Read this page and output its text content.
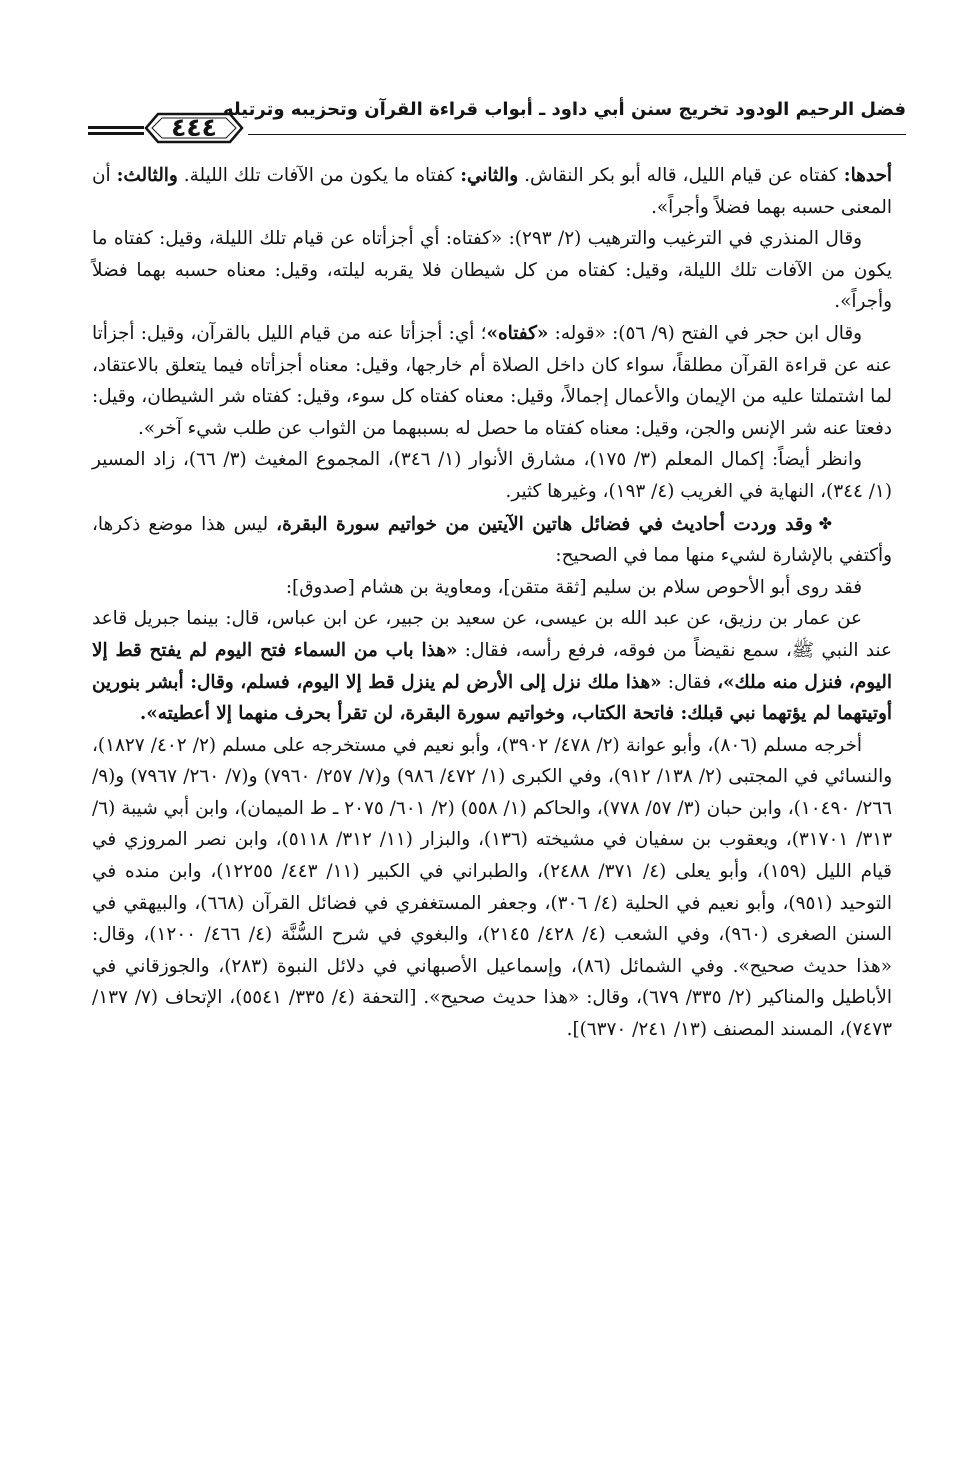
٤٤٤
فضل الرحيم الودود تخريج سنن أبي داود ـ أبواب قراءة القرآن وتحزيبه وترتيله

أحدها: كفتاه عن قيام الليل، قاله أبو بكر النقاش. والثاني: كفتاه ما يكون من الآفات تلك الليلة. والثالث: أن المعنى حسبه بهما فضلاً وأجراً».

وقال المنذري في الترغيب والترهيب (٢/ ٢٩٣): «كفتاه: أي أجزأتاه عن قيام تلك الليلة، وقيل: كفتاه ما يكون من الآفات تلك الليلة، وقيل: كفتاه من كل شيطان فلا يقربه ليلته، وقيل: معناه حسبه بهما فضلاً وأجراً».

وقال ابن حجر في الفتح (٩/ ٥٦): «قوله: «كفتاه»؛ أي: أجزأتا عنه من قيام الليل بالقرآن، وقيل: أجزأتا عنه عن قراءة القرآن مطلقاً، سواء كان داخل الصلاة أم خارجها، وقيل: معناه أجزأتاه فيما يتعلق بالاعتقاد، لما اشتملتا عليه من الإيمان والأعمال إجمالاً، وقيل: معناه كفتاه كل سوء، وقيل: كفتاه شر الشيطان، وقيل: دفعتا عنه شر الإنس والجن، وقيل: معناه كفتاه ما حصل له بسببهما من الثواب عن طلب شيء آخر».

وانظر أيضاً: إكمال المعلم (٣/ ١٧٥)، مشارق الأنوار (١/ ٣٤٦)، المجموع المغيث (٣/ ٦٦)، زاد المسير (١/ ٣٤٤)، النهاية في الغريب (٤/ ١٩٣)، وغيرها كثير.

✤وقد وردت أحاديث في فضائل هاتين الآيتين من خواتيم سورة البقرة، ليس هذا موضع ذكرها، وأكتفي بالإشارة لشيء منها مما في الصحيح:

فقد روى أبو الأحوص سلام بن سليم [ثقة متقن]، ومعاوية بن هشام [صدوق]:

عن عمار بن رزيق، عن عبد الله بن عيسى، عن سعيد بن جبير، عن ابن عباس، قال: بينما جبريل قاعد عند النبي ﷺ، سمع نقيضاً من فوقه، فرفع رأسه، فقال: «هذا باب من السماء فتح اليوم لم يفتح قط إلا اليوم، فنزل منه ملك»، فقال: «هذا ملك نزل إلى الأرض لم ينزل قط إلا اليوم، فسلم، وقال: أبشر بنورين أوتيتهما لم يؤتهما نبي قبلك: فاتحة الكتاب، وخواتيم سورة البقرة، لن تقرأ بحرف منهما إلا أعطيته».

أخرجه مسلم (٨٠٦)، وأبو عوانة (٢/ ٤٧٨/ ٣٩٠٢)، وأبو نعيم في مستخرجه على مسلم (٢/ ٤٠٢/ ١٨٢٧)، والنسائي في المجتبى (٢/ ١٣٨/ ٩١٢)، وفي الكبرى (١/ ٤٧٢/ ٩٨٦) و(٧/ ٢٥٧/ ٧٩٦٠) و(٧/ ٢٦٠/ ٧٩٦٧) و(٩/ ٢٦٦/ ١٠٤٩٠)، وابن حبان (٣/ ٥٧/ ٧٧٨)، والحاكم (١/ ٥٥٨) (٢/ ٦٠١/ ٢٠٧٥ ـ ط الميمان)، وابن أبي شيبة (٦/ ٣١٣/ ٣١٧٠١)، ويعقوب بن سفيان في مشيخته (١٣٦)، والبزار (١١/ ٣١٢/ ٥١١٨)، وابن نصر المروزي في قيام الليل (١٥٩)، وأبو يعلى (٤/ ٣٧١/ ٢٤٨٨)، والطبراني في الكبير (١١/ ٤٤٣/ ١٢٢٥٥)، وابن منده في التوحيد (٩٥١)، وأبو نعيم في الحلية (٤/ ٣٠٦)، وجعفر المستغفري في فضائل القرآن (٦٦٨)، والبيهقي في السنن الصغرى (٩٦٠)، وفي الشعب (٤/ ٤٢٨/ ٢١٤٥)، والبغوي في شرح السُّنَّة (٤/ ٤٦٦/ ١٢٠٠)، وقال: «هذا حديث صحيح». وفي الشمائل (٨٦)، وإسماعيل الأصبهاني في دلائل النبوة (٢٨٣)، والجوزقاني في الأباطيل والمناكير (٢/ ٣٣٥/ ٦٧٩)، وقال: «هذا حديث صحيح». [التحفة (٤/ ٣٣٥/ ٥٥٤١)، الإتحاف (٧/ ١٣٧/ ٧٤٧٣)، المسند المصنف (١٣/ ٢٤١/ ٦٣٧٠)].
